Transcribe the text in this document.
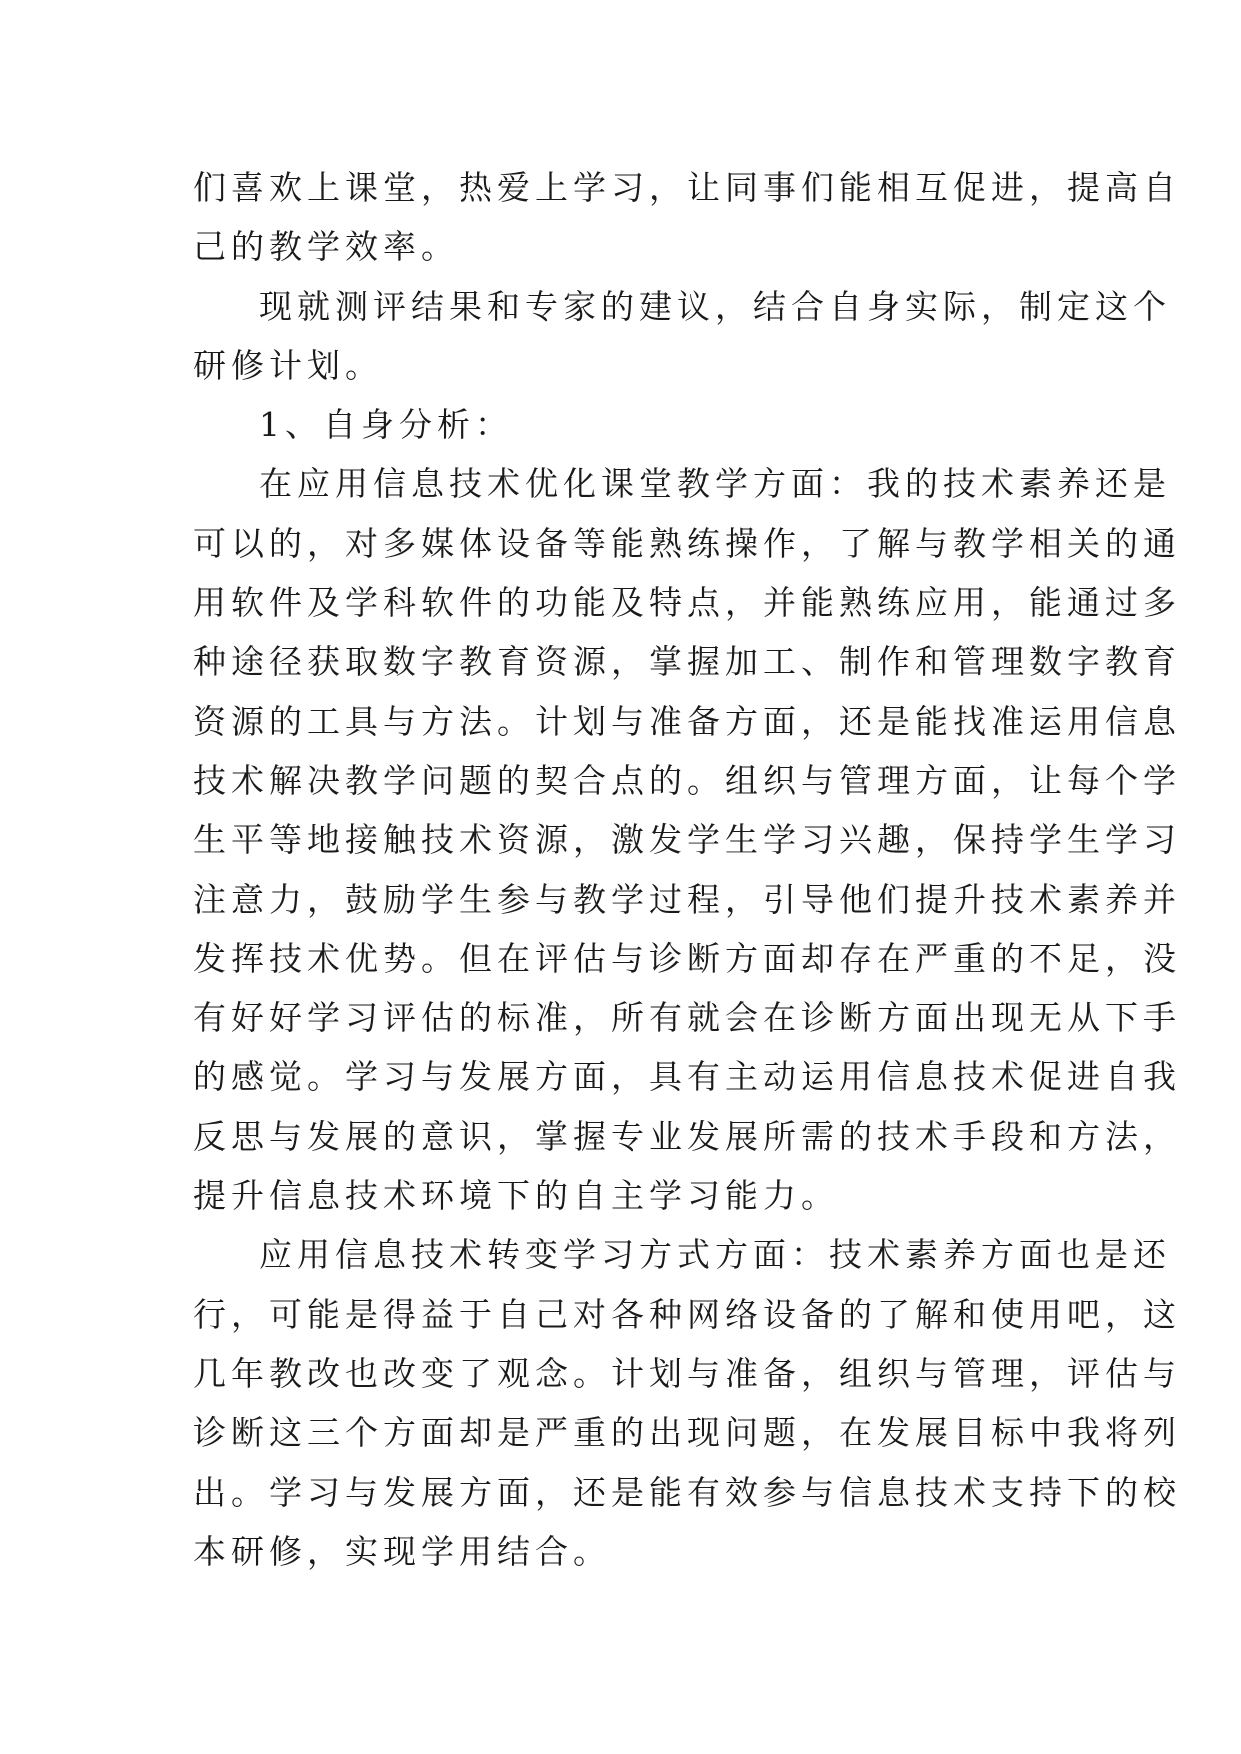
们喜欢上课堂，热爱上学习，让同事们能相互促进，提高自

己的教学效率。

现就测评结果和专家的建议，结合自身实际，制定这个

研修计划。

1、自身分析：

在应用信息技术优化课堂教学方面：我的技术素养还是

可以的，对多媒体设备等能熟练操作，了解与教学相关的通

用软件及学科软件的功能及特点，并能熟练应用，能通过多

种途径获取数字教育资源，掌握加工、制作和管理数字教育

资源的工具与方法。计划与准备方面，还是能找准运用信息

技术解决教学问题的契合点的。组织与管理方面，让每个学

生平等地接触技术资源，激发学生学习兴趣，保持学生学习

注意力，鼓励学生参与教学过程，引导他们提升技术素养并

发挥技术优势。但在评估与诊断方面却存在严重的不足，没

有好好学习评估的标准，所有就会在诊断方面出现无从下手

的感觉。学习与发展方面，具有主动运用信息技术促进自我

反思与发展的意识，掌握专业发展所需的技术手段和方法，

提升信息技术环境下的自主学习能力。

应用信息技术转变学习方式方面：技术素养方面也是还

行，可能是得益于自己对各种网络设备的了解和使用吧，这

几年教改也改变了观念。计划与准备，组织与管理，评估与

诊断这三个方面却是严重的出现问题，在发展目标中我将列

出。学习与发展方面，还是能有效参与信息技术支持下的校

本研修，实现学用结合。
